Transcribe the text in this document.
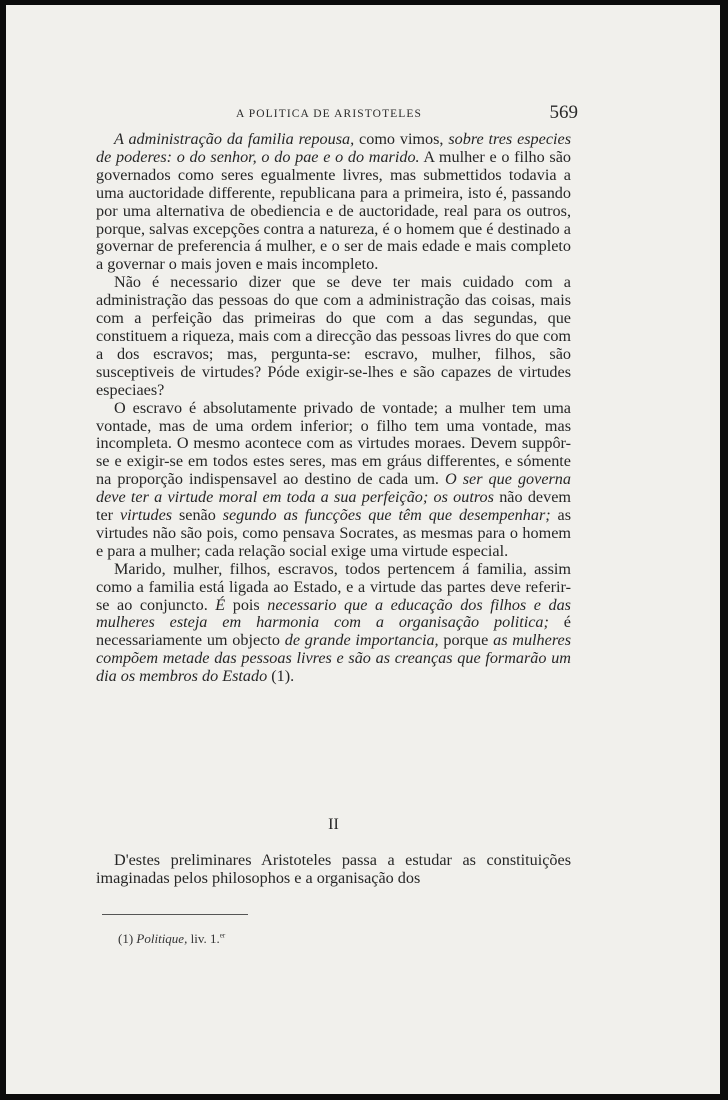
A POLITICA DE ARISTOTELES	569

A administração da familia repousa, como vimos, sobre tres especies de poderes: o do senhor, o do pae e o do marido. A mulher e o filho são governados como seres egualmente livres, mas submettidos todavia a uma auctoridade differente, republicana para a primeira, isto é, passando por uma alternativa de obediencia e de auctoridade, real para os outros, porque, salvas excepções contra a natureza, é o homem que é destinado a governar de preferencia á mulher, e o ser de mais edade e mais completo a governar o mais joven e mais incompleto.

Não é necessario dizer que se deve ter mais cuidado com a administração das pessoas do que com a administração das coisas, mais com a perfeição das primeiras do que com a das segundas, que constituem a riqueza, mais com a direcção das pessoas livres do que com a dos escravos; mas, pergunta-se: escravo, mulher, filhos, são susceptiveis de virtudes? Póde exigir-se-lhes e são capazes de virtudes especiaes?

O escravo é absolutamente privado de vontade; a mulher tem uma vontade, mas de uma ordem inferior; o filho tem uma vontade, mas incompleta. O mesmo acontece com as virtudes moraes. Devem suppôr-se e exigir-se em todos estes seres, mas em gráus differentes, e sómente na proporção indispensavel ao destino de cada um. O ser que governa deve ter a virtude moral em toda a sua perfeição; os outros não devem ter virtudes senão segundo as funcções que têm que desempenhar; as virtudes não são pois, como pensava Socrates, as mesmas para o homem e para a mulher; cada relação social exige uma virtude especial.

Marido, mulher, filhos, escravos, todos pertencem á familia, assim como a familia está ligada ao Estado, e a virtude das partes deve referir-se ao conjuncto. É pois necessario que a educação dos filhos e das mulheres esteja em harmonia com a organisação politica; é necessariamente um objecto de grande importancia, porque as mulheres compõem metade das pessoas livres e são as creanças que formarão um dia os membros do Estado (1).

II

D'estes preliminares Aristoteles passa a estudar as constituições imaginadas pelos philosophos e a organisação dos

(1) Politique, liv. 1.$^{er}$
